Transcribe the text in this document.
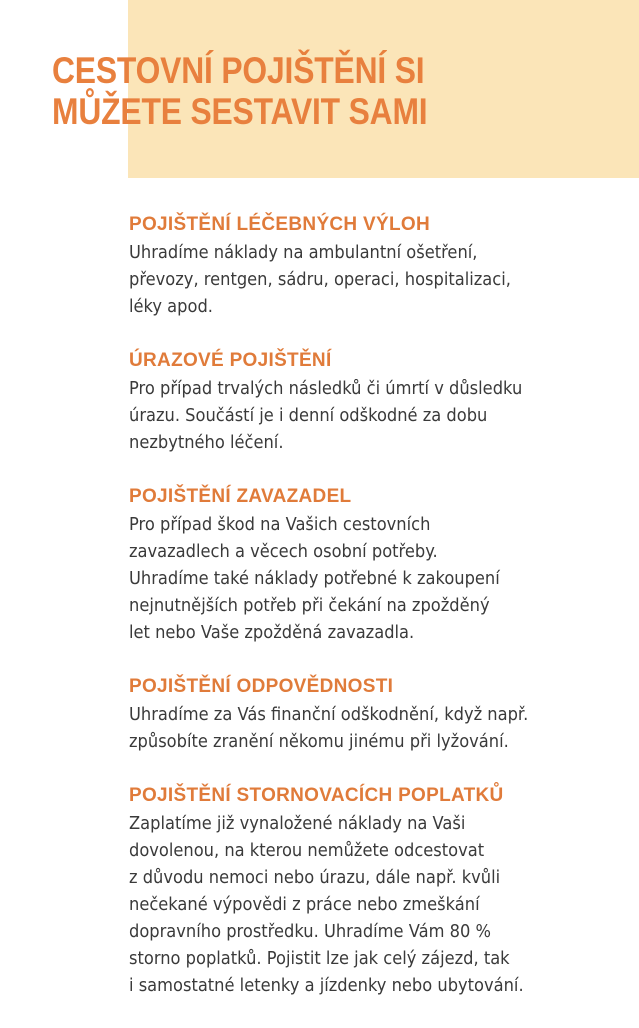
CESTOVNÍ POJIŠTĚNÍ SI
MŮŽETE SESTAVIT SAMI
POJIŠTĚNÍ LÉČEBNÝCH VÝLOH

Uhradíme náklady na ambulantní ošetření,
převozy, rentgen, sádru, operaci, hospitalizaci,
léky apod.

ÚRAZOVÉ POJIŠTĚNÍ

Pro případ trvalých následků či úmrtí v důsledku
úrazu. Součástí je i denní odškodné za dobu
nezbytného léčení.

POJIŠTĚNÍ ZAVAZADEL

Pro případ škod na Vašich cestovních
zavazadlech a věcech osobní potřeby.
Uhradíme také náklady potřebné k zakoupení
nejnutnějších potřeb při čekání na zpožděný
let nebo Vaše zpožděná zavazadla.

POJIŠTĚNÍ ODPOVĚDNOSTI

Uhradíme za Vás finanční odškodnění, když např.
způsobíte zranění někomu jinému při lyžování.

POJIŠTĚNÍ STORNOVACÍCH POPLATKŮ

Zaplatíme již vynaložené náklady na Vaši
dovolenou, na kterou nemůžete odcestovat
z důvodu nemoci nebo úrazu, dále např. kvůli
nečekané výpovědi z práce nebo zmeškání
dopravního prostředku. Uhradíme Vám 80 %
storno poplatků. Pojistit lze jak celý zájezd, tak
i samostatné letenky a jízdenky nebo ubytování.
